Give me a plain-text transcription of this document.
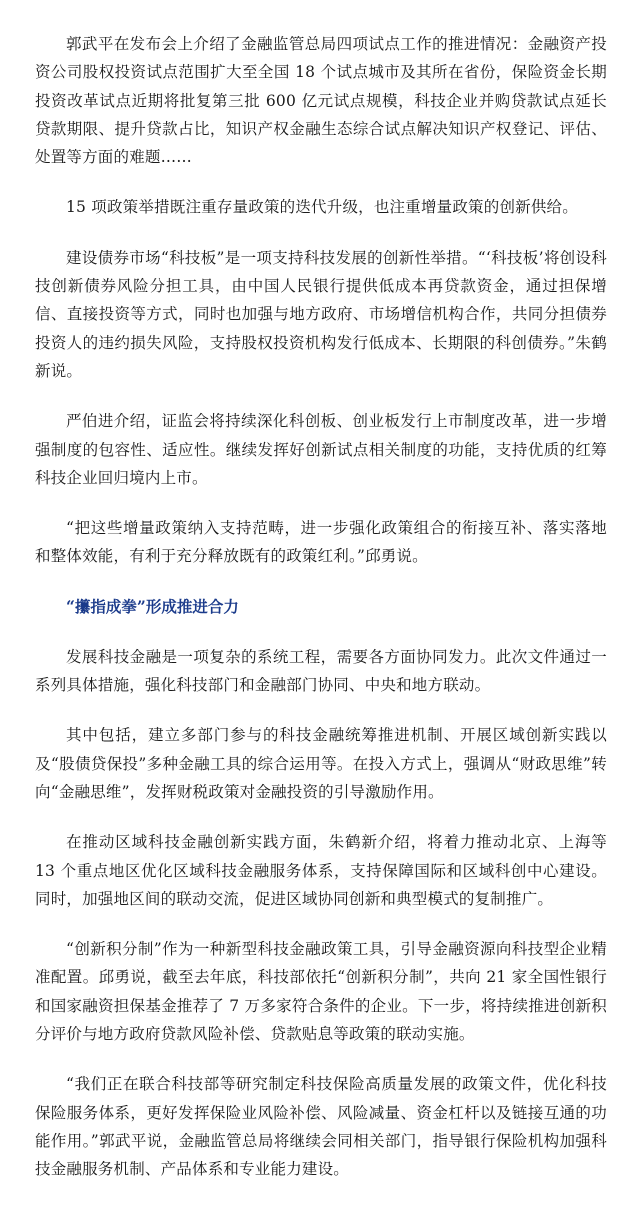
郭武平在发布会上介绍了金融监管总局四项试点工作的推进情况：金融资产投资公司股权投资试点范围扩大至全国 18 个试点城市及其所在省份，保险资金长期投资改革试点近期将批复第三批 600 亿元试点规模，科技企业并购贷款试点延长贷款期限、提升贷款占比，知识产权金融生态综合试点解决知识产权登记、评估、处置等方面的难题……

15 项政策举措既注重存量政策的迭代升级，也注重增量政策的创新供给。

建设债券市场“科技板”是一项支持科技发展的创新性举措。“‘科技板’将创设科技创新债券风险分担工具，由中国人民银行提供低成本再贷款资金，通过担保增信、直接投资等方式，同时也加强与地方政府、市场增信机构合作，共同分担债券投资人的违约损失风险，支持股权投资机构发行低成本、长期限的科创债券。”朱鹤新说。

严伯进介绍，证监会将持续深化科创板、创业板发行上市制度改革，进一步增强制度的包容性、适应性。继续发挥好创新试点相关制度的功能，支持优质的红筹科技企业回归境内上市。

“把这些增量政策纳入支持范畴，进一步强化政策组合的衔接互补、落实落地和整体效能，有利于充分释放既有的政策红利。”邱勇说。

“攥指成拳”形成推进合力

发展科技金融是一项复杂的系统工程，需要各方面协同发力。此次文件通过一系列具体措施，强化科技部门和金融部门协同、中央和地方联动。

其中包括，建立多部门参与的科技金融统筹推进机制、开展区域创新实践以及“股债贷保投”多种金融工具的综合运用等。在投入方式上，强调从“财政思维”转向“金融思维”，发挥财税政策对金融投资的引导激励作用。

在推动区域科技金融创新实践方面，朱鹤新介绍，将着力推动北京、上海等 13 个重点地区优化区域科技金融服务体系，支持保障国际和区域科创中心建设。同时，加强地区间的联动交流，促进区域协同创新和典型模式的复制推广。

“创新积分制”作为一种新型科技金融政策工具，引导金融资源向科技型企业精准配置。邱勇说，截至去年底，科技部依托“创新积分制”，共向 21 家全国性银行和国家融资担保基金推荐了 7 万多家符合条件的企业。下一步，将持续推进创新积分评价与地方政府贷款风险补偿、贷款贴息等政策的联动实施。

“我们正在联合科技部等研究制定科技保险高质量发展的政策文件，优化科技保险服务体系，更好发挥保险业风险补偿、风险减量、资金杠杆以及链接互通的功能作用。”郭武平说，金融监管总局将继续会同相关部门，指导银行保险机构加强科技金融服务机制、产品体系和专业能力建设。
